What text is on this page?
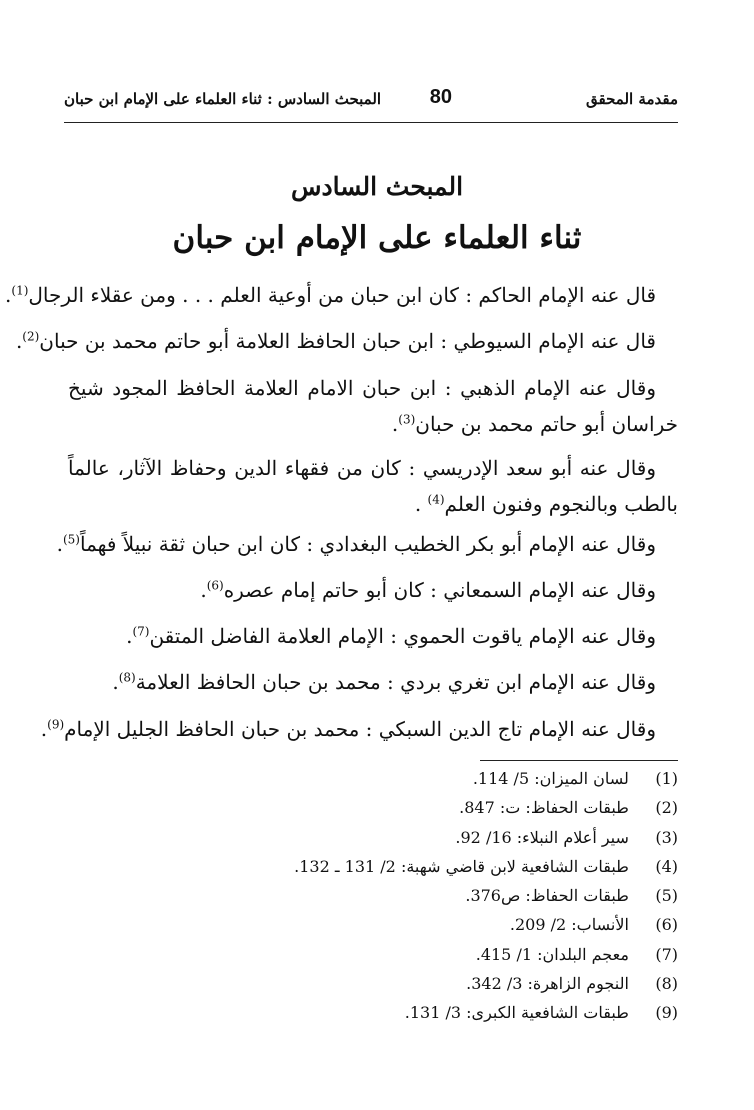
مقدمة المحقق
80
المبحث السادس : ثناء العلماء على الإمام ابن حبان
المبحث السادس
ثناء العلماء على الإمام ابن حبان
قال عنه الإمام الحاكم : كان ابن حبان من أوعية العلم . . . ومن عقلاء الرجال$^{(1)}$.
قال عنه الإمام السيوطي : ابن حبان الحافظ العلامة أبو حاتم محمد بن حبان$^{(2)}$.
وقال عنه الإمام الذهبي : ابن حبان الامام العلامة الحافظ المجود شيخ خراسان أبو حاتم محمد بن حبان$^{(3)}$.
وقال عنه أبو سعد الإدريسي : كان من فقهاء الدين وحفاظ الآثار، عالماً بالطب وبالنجوم وفنون العلم$^{(4)}$ .
وقال عنه الإمام أبو بكر الخطيب البغدادي : كان ابن حبان ثقة نبيلاً فهماً$^{(5)}$.
وقال عنه الإمام السمعاني : كان أبو حاتم إمام عصره$^{(6)}$.
وقال عنه الإمام ياقوت الحموي : الإمام العلامة الفاضل المتقن$^{(7)}$.
وقال عنه الإمام ابن تغري بردي : محمد بن حبان الحافظ العلامة$^{(8)}$.
وقال عنه الإمام تاج الدين السبكي : محمد بن حبان الحافظ الجليل الإمام$^{(9)}$.
(1) لسان الميزان: 5/ 114.
(2) طبقات الحفاظ: ت: 847.
(3) سير أعلام النبلاء: 16/ 92.
(4) طبقات الشافعية لابن قاضي شهبة: 2/ 131 ـ 132.
(5) طبقات الحفاظ: ص376.
(6) الأنساب: 2/ 209.
(7) معجم البلدان: 1/ 415.
(8) النجوم الزاهرة: 3/ 342.
(9) طبقات الشافعية الكبرى: 3/ 131.
